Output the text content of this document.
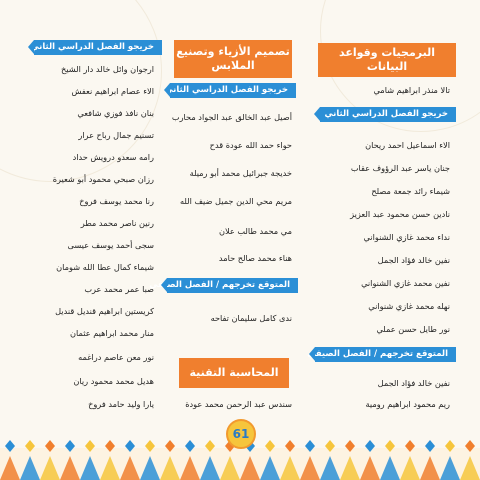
البرمجيات وقواعد البيانات
تالا منذر ابراهيم شامي
خريجو الفصل الدراسي الثاني
الاء اسماعيل احمد ريحان
جنان ياسر عبد الرؤوف عقاب
شيماء رائد جمعة مصلح
نادين حسن محمود عبد العزيز
نداء محمد غازي الشنواني
نفين خالد فؤاد الجمل
نفين محمد غازي الشنواني
نهله محمد غازي شنواني
نور طايل حسن عملي
المتوقع تخرجهم / الفصل الصيفي
نفين خالد فؤاد الجمل
ريم محمود ابراهيم رومية
تصميم الأزياء وتصنيع الملابس
خريجو الفصل الدراسي الثاني
أصيل عبد الخالق عبد الجواد محارب
حواء حمد الله عودة قدح
خديجة جبرائيل محمد أبو رميلة
مريم محي الدين جميل ضيف الله
مي محمد طالب علان
هناء محمد صالح حامد
المتوقع تخرجهم / الفصل الصيفي
ندى كامل سليمان تفاحه
المحاسبة التقنية
سندس عبد الرحمن محمد عودة
خريجو الفصل الدراسي الثاني
ارجوان وائل خالد دار الشيخ
الاء عصام ابراهيم نعفش
بنان نافذ فوزي شافعي
تسنيم جمال رباح عرار
رامه سعدو درويش حداد
رزان صبحي محمود أبو شعيرة
رنا محمد يوسف فروخ
رنين ناصر محمد مطر
سجى أحمد يوسف عيسى
شيماء كمال عطا الله شومان
صبا عمر محمد عرب
كريستين ابراهيم قنديل قنديل
منار محمد ابراهيم عثمان
نور معن عاصم دراغمه
هديل محمد محمود ريان
يارا وليد حامد فروخ
61
